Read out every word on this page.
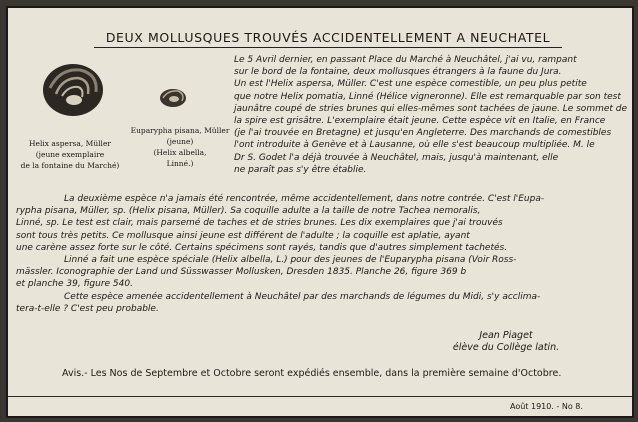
DEUX MOLLUSQUES TROUVÉS ACCIDENTELLEMENT A NEUCHATEL
Helix aspersa, Müller
(jeune exemplaire
de la fontaine du Marché)
Euparypha pisana, Müller
(jeune)
(Helix albella,
Linné.)

Le 5 Avril dernier, en passant Place du Marché à Neuchâtel, j'ai vu, rampant

sur le bord de la fontaine, deux mollusques étrangers à la faune du Jura.

Un est l'Helix aspersa, Müller. C'est une espèce comestible, un peu plus petite

que notre Helix pomatia, Linné (Hélice vigneronne). Elle est remarquable par son test

jaunâtre coupé de stries brunes qui elles-mêmes sont tachées de jaune. Le sommet de

la spire est grisâtre. L'exemplaire était jeune. Cette espèce vit en Italie, en France

(je l'ai trouvée en Bretagne) et jusqu'en Angleterre. Des marchands de comestibles

l'ont introduite à Genève et à Lausanne, où elle s'est beaucoup multipliée. M. le

Dr S. Godet l'a déjà trouvée à Neuchâtel, mais, jusqu'à maintenant, elle

ne paraît pas s'y être établie.

La deuxième espèce n'a jamais été rencontrée, même accidentellement, dans notre contrée. C'est l'Eupa-

rypha pisana, Müller, sp. (Helix pisana, Müller). Sa coquille adulte a la taille de notre Tachea nemoralis,

Linné, sp. Le test est clair, mais parsemé de taches et de stries brunes. Les dix exemplaires que j'ai trouvés

sont tous très petits. Ce mollusque ainsi jeune est différent de l'adulte ; la coquille est aplatie, ayant

une carène assez forte sur le côté. Certains spécimens sont rayés, tandis que d'autres simplement tachetés.

Linné a fait une espèce spéciale (Helix albella, L.) pour des jeunes de l'Euparypha pisana (Voir Ross-

mässler. Iconographie der Land und Süsswasser Mollusken, Dresden 1835. Planche 26, figure 369 b

et planche 39, figure 540.

Cette espèce amenée accidentellement à Neuchâtel par des marchands de légumes du Midi, s'y acclima-

tera-t-elle ? C'est peu probable.

Jean Piaget
élève du Collège latin.
Avis.- Les Nos de Septembre et Octobre seront expédiés ensemble, dans la première semaine d'Octobre.
Août 1910. - No 8.
